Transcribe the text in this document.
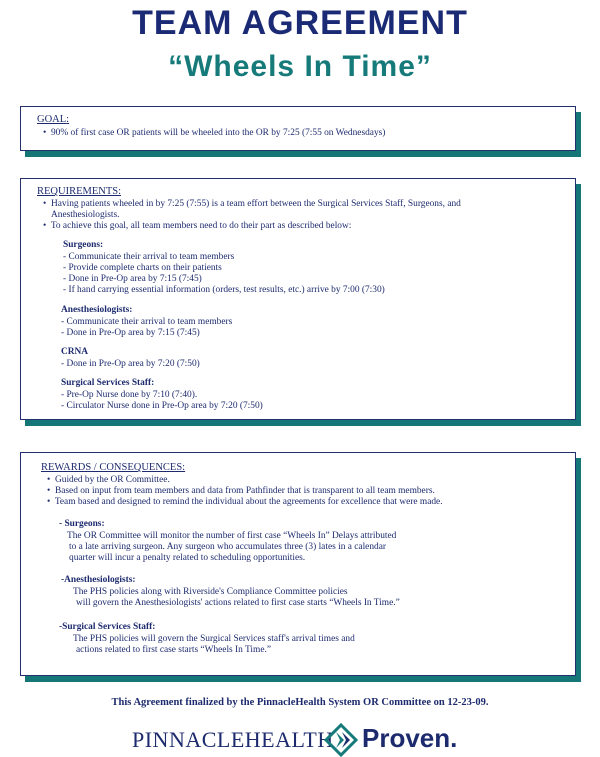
TEAM AGREEMENT
“Wheels In Time”
GOAL:
•  90% of first case OR patients will be wheeled into the OR by 7:25 (7:55 on Wednesdays)
REQUIREMENTS:
•  Having patients wheeled in by 7:25 (7:55) is a team effort between the Surgical Services Staff, Surgeons, and
Anesthesiologists.
•  To achieve this goal, all team members need to do their part as described below:
Surgeons:
- Communicate their arrival to team members
- Provide complete charts on their patients
- Done in Pre-Op area by 7:15 (7:45)
- If hand carrying essential information (orders, test results, etc.) arrive by 7:00 (7:30)
Anesthesiologists:
- Communicate their arrival to team members
- Done in Pre-Op area by 7:15 (7:45)
CRNA
- Done in Pre-Op area by 7:20 (7:50)
Surgical Services Staff:
- Pre-Op Nurse done by 7:10 (7:40).
- Circulator Nurse done in Pre-Op area by 7:20 (7:50)
REWARDS / CONSEQUENCES:
•  Guided by the OR Committee.
•  Based on input from team members and data from Pathfinder that is transparent to all team members.
•  Team based and designed to remind the individual about the agreements for excellence that were made.
- Surgeons:
The OR Committee will monitor the number of first case “Wheels In” Delays attributed
to a late arriving surgeon. Any surgeon who accumulates three (3) lates in a calendar
quarter will incur a penalty related to scheduling opportunities.
-Anesthesiologists:
The PHS policies along with Riverside's Compliance Committee policies
will govern the Anesthesiologists' actions related to first case starts “Wheels In Time.”
-Surgical Services Staff:
The PHS policies will govern the Surgical Services staff's arrival times and
actions related to first case starts “Wheels In Time.”
This Agreement finalized by the PinnacleHealth System OR Committee on 12-23-09.
PINNACLEHEALTH Proven.
